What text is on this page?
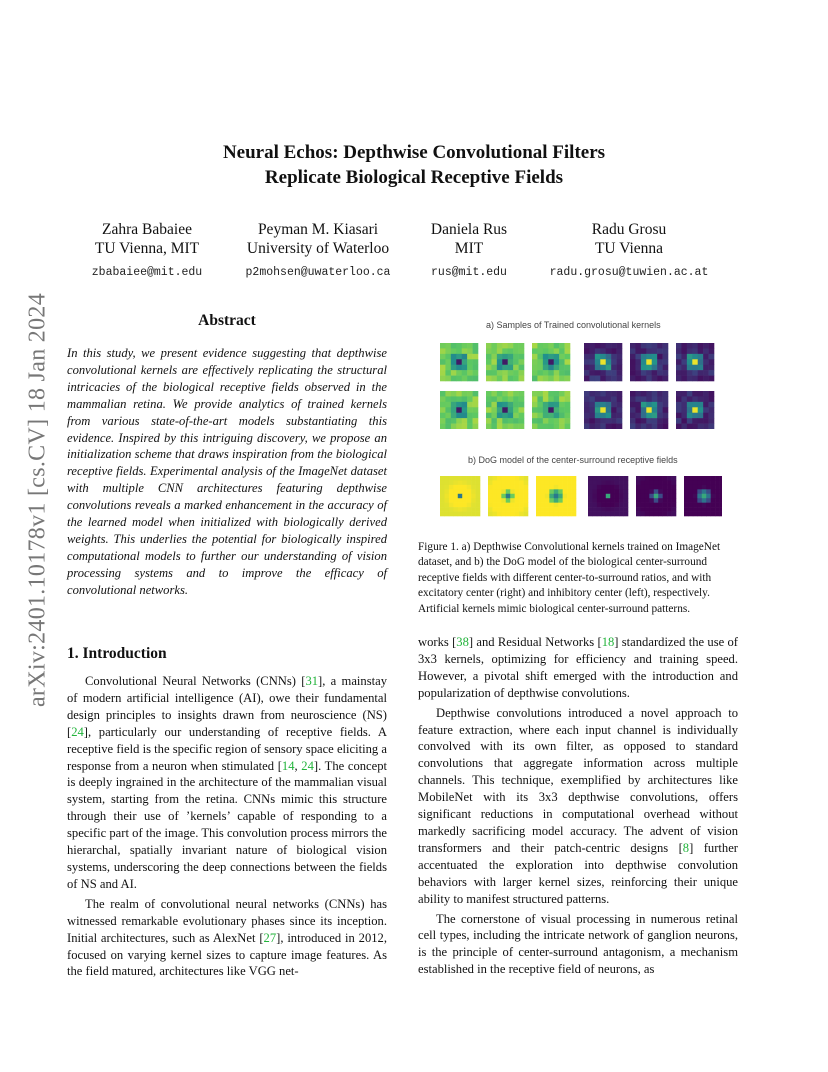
arXiv:2401.10178v1 [cs.CV] 18 Jan 2024
Neural Echos: Depthwise Convolutional Filters
Replicate Biological Receptive Fields
Zahra Babaiee
TU Vienna, MIT
zbabaiee@mit.edu
Peyman M. Kiasari
University of Waterloo
p2mohsen@uwaterloo.ca
Daniela Rus
MIT
rus@mit.edu
Radu Grosu
TU Vienna
radu.grosu@tuwien.ac.at
Abstract
In this study, we present evidence suggesting that depthwise convolutional kernels are effectively replicating the structural intricacies of the biological receptive fields observed in the mammalian retina. We provide analytics of trained kernels from various state-of-the-art models substantiating this evidence. Inspired by this intriguing discovery, we propose an initialization scheme that draws inspiration from the biological receptive fields. Experimental analysis of the ImageNet dataset with multiple CNN architectures featuring depthwise convolutions reveals a marked enhancement in the accuracy of the learned model when initialized with biologically derived weights. This underlies the potential for biologically inspired computational models to further our understanding of vision processing systems and to improve the efficacy of convolutional networks.
a) Samples of Trained convolutional kernels
b) DoG model of the center-surround receptive fields
Figure 1. a) Depthwise Convolutional kernels trained on ImageNet dataset, and b) the DoG model of the biological center-surround receptive fields with different center-to-surround ratios, and with excitatory center (right) and inhibitory center (left), respectively. Artificial kernels mimic biological center-surround patterns.
1. Introduction

Convolutional Neural Networks (CNNs) [31], a mainstay of modern artificial intelligence (AI), owe their fundamental design principles to insights drawn from neuroscience (NS) [24], particularly our understanding of receptive fields. A receptive field is the specific region of sensory space eliciting a response from a neuron when stimulated [14, 24]. The concept is deeply ingrained in the architecture of the mammalian visual system, starting from the retina. CNNs mimic this structure through their use of ’kernels’ capable of responding to a specific part of the image. This convolution process mirrors the hierarchal, spatially invariant nature of biological vision systems, underscoring the deep connections between the fields of NS and AI.

The realm of convolutional neural networks (CNNs) has witnessed remarkable evolutionary phases since its inception. Initial architectures, such as AlexNet [27], introduced in 2012, focused on varying kernel sizes to capture image features. As the field matured, architectures like VGG net-

works [38] and Residual Networks [18] standardized the use of 3x3 kernels, optimizing for efficiency and training speed. However, a pivotal shift emerged with the introduction and popularization of depthwise convolutions.

Depthwise convolutions introduced a novel approach to feature extraction, where each input channel is individually convolved with its own filter, as opposed to standard convolutions that aggregate information across multiple channels. This technique, exemplified by architectures like MobileNet with its 3x3 depthwise convolutions, offers significant reductions in computational overhead without markedly sacrificing model accuracy. The advent of vision transformers and their patch-centric designs [8] further accentuated the exploration into depthwise convolution behaviors with larger kernel sizes, reinforcing their unique ability to manifest structured patterns.

The cornerstone of visual processing in numerous retinal cell types, including the intricate network of ganglion neurons, is the principle of center-surround antagonism, a mechanism established in the receptive field of neurons, as
